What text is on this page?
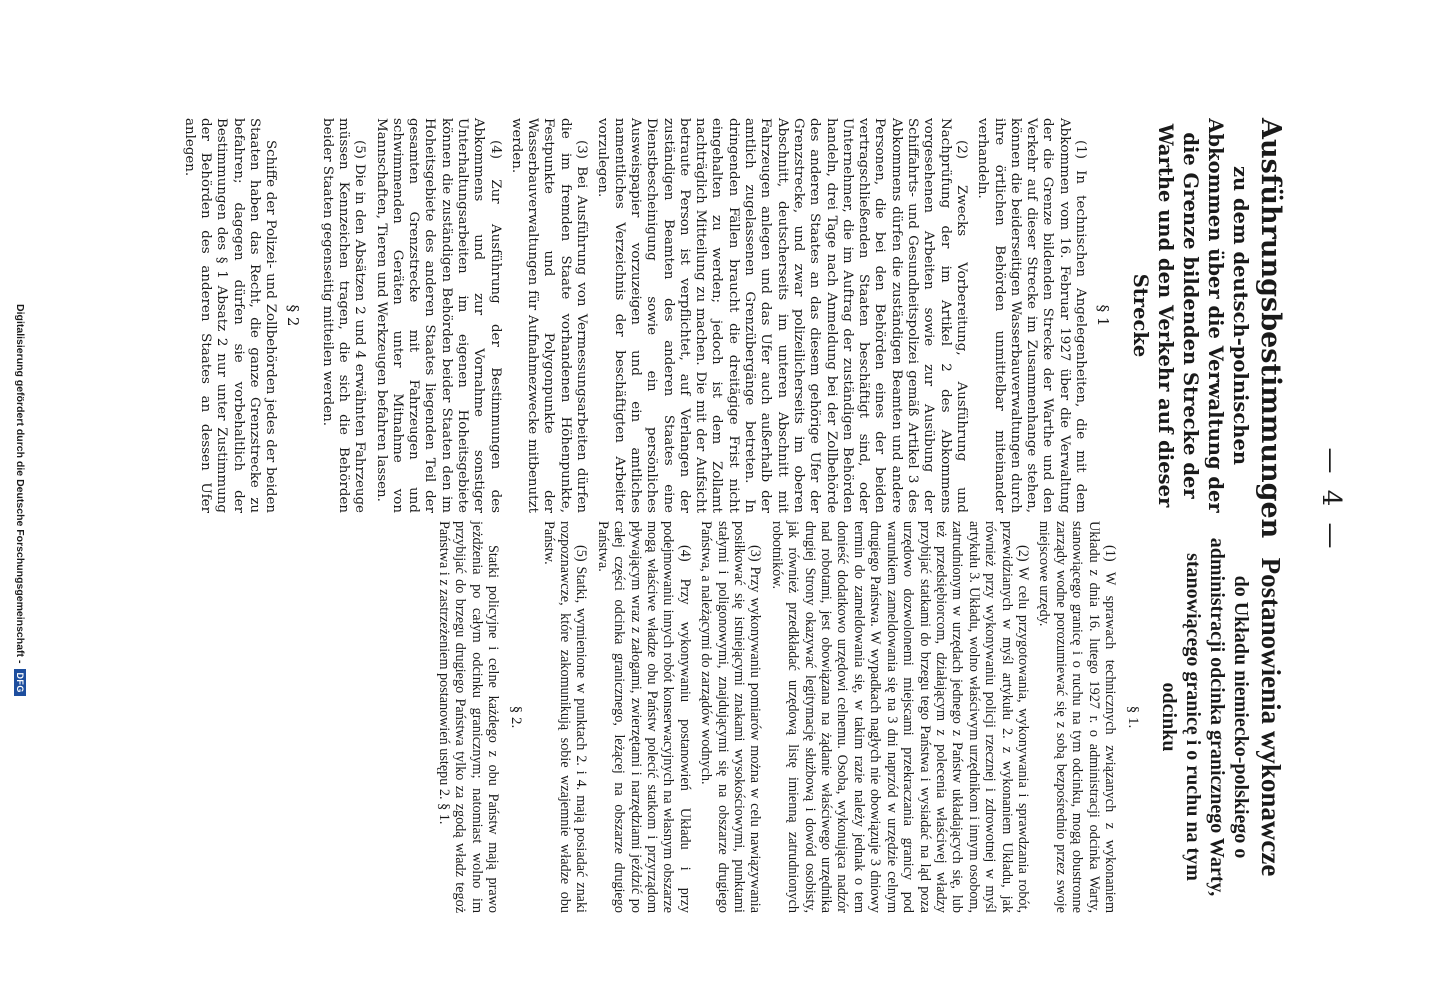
— 4 —
Ausführungsbestimmungen
zu dem deutsch-polnischen Abkommen über die Verwaltung der die Grenze bildenden Strecke der Warthe und den Verkehr auf dieser Strecke
§ 1

(1) In technischen Angelegenheiten, die mit dem Abkommen vom 16. Februar 1927 über die Verwaltung der die Grenze bildenden Strecke der Warthe und den Verkehr auf dieser Strecke im Zusammenhange stehen, können die beiderseitigen Wasserbauverwaltungen durch ihre örtlichen Behörden unmittelbar miteinander verhandeln.

(2) Zwecks Vorbereitung, Ausführung und Nachprüfung der im Artikel 2 des Abkommens vorgesehenen Arbeiten sowie zur Ausübung der Schiffahrts- und Gesundheitspolizei gemäß Artikel 3 des Abkommens dürfen die zuständigen Beamten und andere Personen, die bei den Behörden eines der beiden vertragschließenden Staaten beschäftigt sind, oder Unternehmer, die im Auftrag der zuständigen Behörden handeln, drei Tage nach Anmeldung bei der Zollbehörde des anderen Staates an das diesem gehörige Ufer der Grenzstrecke, und zwar polizeilicherseits im oberen Abschnitt, deutscherseits im unteren Abschnitt mit Fahrzeugen anlegen und das Ufer auch außerhalb der amtlich zugelassenen Grenzübergänge betreten. In dringenden Fällen braucht die dreitägige Frist nicht eingehalten zu werden; jedoch ist dem Zollamt nachträglich Mitteilung zu machen. Die mit der Aufsicht betraute Person ist verpflichtet, auf Verlangen der zuständigen Beamten des anderen Staates eine Dienstbescheinigung sowie ein persönliches Ausweispapier vorzuzeigen und ein amtliches namentliches Verzeichnis der beschäftigten Arbeiter vorzulegen.

(3) Bei Ausführung von Vermessungsarbeiten dürfen die im fremden Staate vorhandenen Höhenpunkte, Festpunkte und Polygonpunkte der Wasserbauverwaltungen für Aufnahmezwecke mitbenutzt werden.

(4) Zur Ausführung der Bestimmungen des Abkommens und zur Vornahme sonstiger Unterhaltungsarbeiten im eigenen Hoheitsgebiete können die zuständigen Behörden beider Staaten den im Hoheitsgebiete des anderen Staates liegenden Teil der gesamten Grenzstrecke mit Fahrzeugen und schwimmenden Geräten unter Mitnahme von Mannschaften, Tieren und Werkzeugen befahren lassen.

(5) Die in den Absätzen 2 und 4 erwähnten Fahrzeuge müssen Kennzeichen tragen, die sich die Behörden beider Staaten gegenseitig mitteilen werden.

§ 2

Schiffe der Polizei- und Zollbehörden jedes der beiden Staaten haben das Recht, die ganze Grenzstrecke zu befahren; dagegen dürfen sie vorbehaltlich der Bestimmungen des § 1 Absatz 2 nur unter Zustimmung der Behörden des anderen Staates an dessen Ufer anlegen.

Postanowienia wykonawcze
do Układu niemiecko-polskiego o administracji odcinka granicznego Warty, stanowiącego granicę i o ruchu na tym odcinku
§ 1.

(1) W sprawach technicznych związanych z wykonaniem Układu z dnia 16. lutego 1927 r. o administracji odcinka Warty, stanowiącego granicę i o ruchu na tym odcinku, mogą obustronne zarządy wodne porozumiewać się z sobą bezpośrednio przez swoje miejscowe urzędy.

(2) W celu przygotowania, wykonywania i sprawdzania robót, przewidzianych w myśl artykułu 2. z wykonaniem Układu, jak również przy wykonywaniu policji rzecznej i zdrowotnej w myśl artykułu 3. Układu, wolno właściwym urzędnikom i innym osobom, zatrudnionym w urzędach jednego z Państw układających się, lub też przedsiębiorcom, działającym z polecenia właściwej władzy przybijać statkami do brzegu tego Państwa i wysiadać na ląd poza urzędowo dozwolonemi miejscami przekraczania granicy pod warunkiem zameldowania się na 3 dni naprzód w urzędzie celnym drugiego Państwa. W wypadkach nagłych nie obowiązuje 3 dniowy termin do zameldowania się, w takim razie należy jednak o tem donieść dodatkowo urzędowi celnemu. Osoba, wykonująca nadzór nad robotami, jest obowiązana na żądanie właściwego urzędnika drugiej Strony okazywać legitymację służbową i dowód osobisty, jak również przedkładać urzędową listę imienną zatrudnionych robotników.

(3) Przy wykonywaniu pomiarów można w celu nawiązywania posiłkować się istniejącymi znakami wysokościowymi, punktami stałymi i poligonowymi, znajdującymi się na obszarze drugiego Państwa, a należącymi do zarządów wodnych.

(4) Przy wykonywaniu postanowień Układu i przy podejmowaniu innych robót konserwacyjnych na własnym obszarze mogą właściwe władze obu Państw polecić statkom i przyrządom pływającym wraz z załogami, zwierzętami i narzędziami jeździć po całej części odcinka granicznego, leżącej na obszarze drugiego Państwa.

(5) Statki, wymienione w punktach 2. i 4. mają posiadać znaki rozpoznawcze, które zakomunikują sobie wzajemnie władze obu Państw.

§ 2.

Statki policyjne i celne każdego z obu Państw mają prawo jeżdżenia po całym odcinku granicznym; natomiast wolno im przybijać do brzegu drugiego Państwa tylko za zgodą władz tegoż Państwa i z zastrzeżeniem postanowień ustępu 2. § 1.

Digitalisierung gefördert durch die Deutsche Forschungsgemeinschaft -
DFG
